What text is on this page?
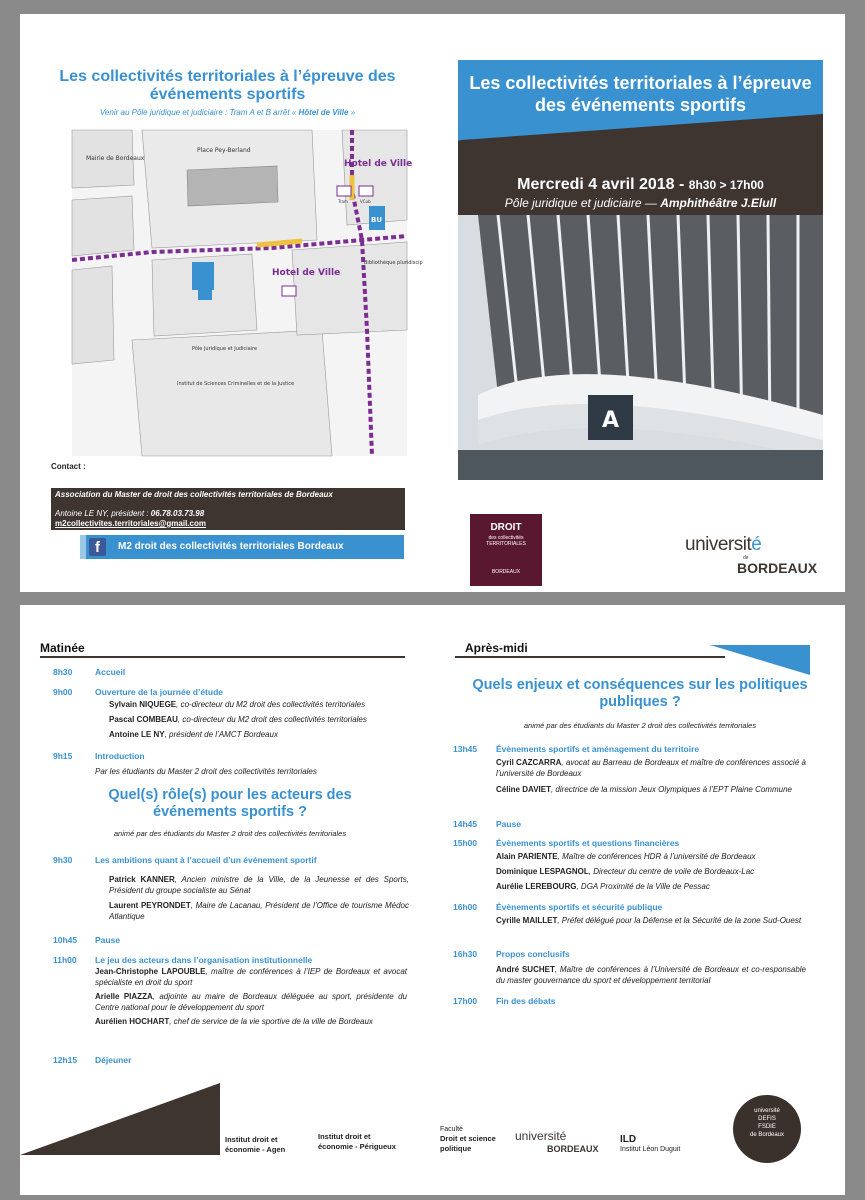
Les collectivités territoriales à l’épreuve des événements sportifs
Venir au Pôle juridique et judiciaire : Tram A et B arrêt « Hôtel de Ville »
Mairie de Bordeaux
Place Pey-Berland
Hotel de Ville
Hotel de Ville
Tram	VCub
BU
Bibliothèque pluridiscip
Pôle Juridique et Judiciaire
Institut de Sciences Criminelles et de la Justice
Contact :
Association du Master de droit des collectivités territoriales de Bordeaux
Antoine LE NY, président : 06.78.03.73.98
m2collectivites.territoriales@gmail.com
f	M2 droit des collectivités territoriales Bordeaux
Les collectivités territoriales à l’épreuve des événements sportifs
Mercredi 4 avril 2018 - 8h30 > 17h00
Pôle juridique et judiciaire — Amphithéâtre J.Elull
A
DROIT
des collectivités TERRITORIALES
BORDEAUX
université
de
BORDEAUX
Matinée
8h30	Accueil
9h00	Ouverture de la journée d’étude
Sylvain NIQUEGE, co-directeur du M2 droit des collectivités territoriales
Pascal COMBEAU, co-directeur du M2 droit des collectivités territoriales
Antoine LE NY, président de l’AMCT Bordeaux
9h15	Introduction
Par les étudiants du Master 2 droit des collectivités territoriales
Quel(s) rôle(s) pour les acteurs des événements sportifs ?
animé par des étudiants du Master 2 droit des collectivités territoriales
9h30	Les ambitions quant à l’accueil d’un événement sportif
Patrick KANNER, Ancien ministre de la Ville, de la Jeunesse et des Sports, Président du groupe socialiste au Sénat
Laurent PEYRONDET, Maire de Lacanau, Président de l’Office de tourisme Médoc Atlantique
10h45 Pause
11h00 Le jeu des acteurs dans l’organisation institutionnelle
Jean-Christophe LAPOUBLE, maître de conférences à l’IEP de Bordeaux et avocat spécialiste en droit du sport
Arielle PIAZZA, adjointe au maire de Bordeaux déléguée au sport, présidente du Centre national pour le développement du sport
Aurélien HOCHART, chef de service de la vie sportive de la ville de Bordeaux
12h15 Déjeuner
Après-midi
Quels enjeux et conséquences sur les politiques publiques ?
animé par des étudiants du Master 2 droit des collectivités territoriales
13h45 Évènements sportifs et aménagement du territoire
Cyril CAZCARRA, avocat au Barreau de Bordeaux et maître de conférences associé à l’université de Bordeaux
Céline DAVIET, directrice de la mission Jeux Olympiques à l’EPT Plaine Commune
14h45 Pause
15h00 Évènements sportifs et questions financières
Alain PARIENTE, Maître de conférences HDR à l’université de Bordeaux
Dominique LESPAGNOL, Directeur du centre de voile de Bordeaux-Lac
Aurélie LEREBOURG, DGA Proximité de la Ville de Pessac
16h00 Évènements sportifs et sécurité publique
Cyrille MAILLET, Préfet délégué pour la Défense et la Sécurité de la zone Sud-Ouest
16h30 Propos conclusifs
André SUCHET, Maître de conférences à l’Université de Bordeaux et co-responsable du master gouvernance du sport et développement territorial
17h00 Fin des débats
Institut droit et
économie - Agen
Institut droit et
économie - Périgueux
Faculté
Droit et science
politique
université
BORDEAUX
ILD
Institut Léon Duguit
université
DEFIS
FSDIE
de Bordeaux
